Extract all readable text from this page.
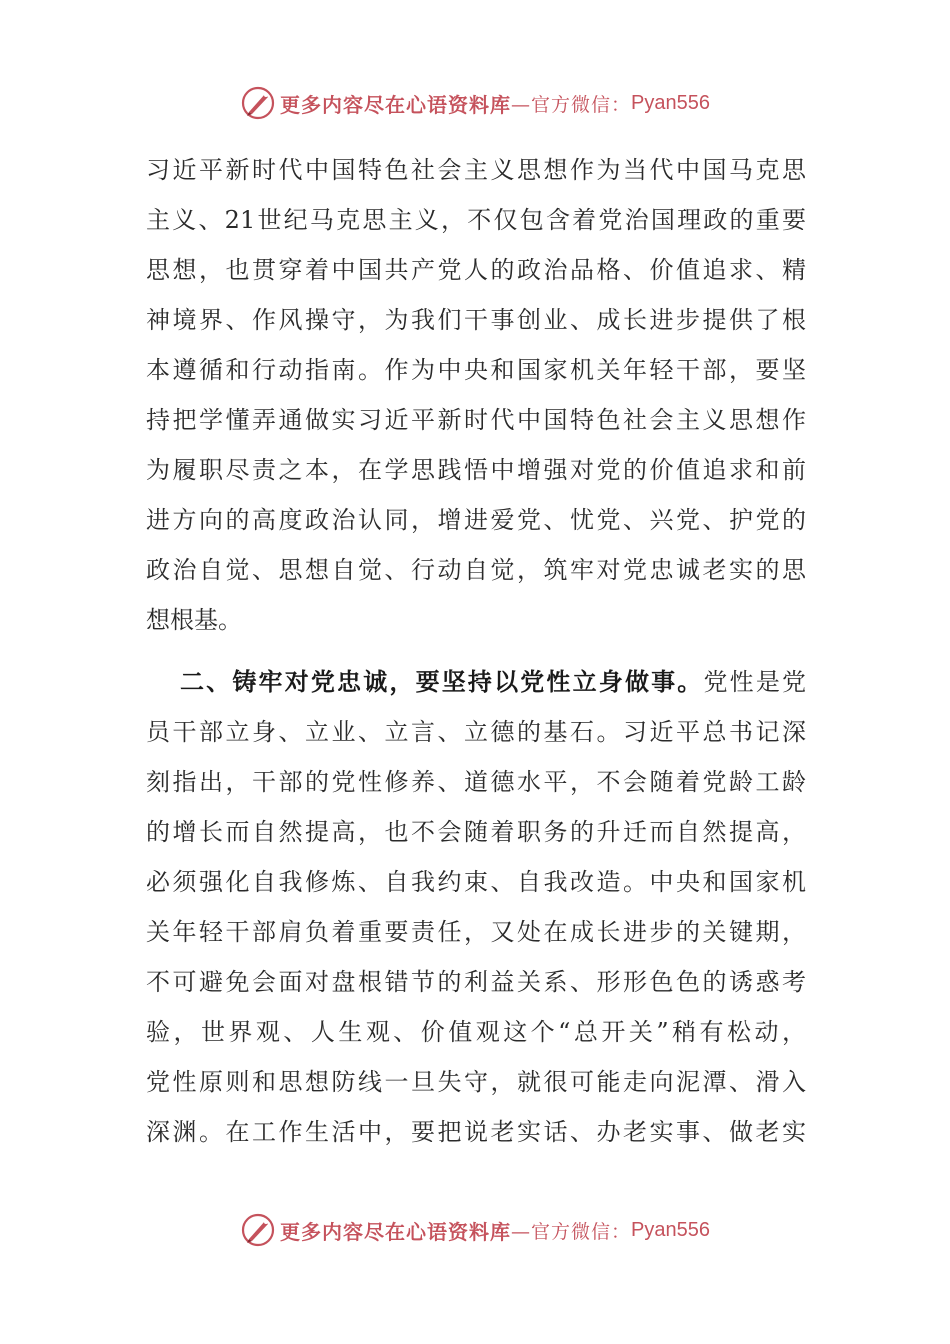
更多内容尽在心语资料库 —官方微信： Pyan556
习近平新时代中国特色社会主义思想作为当代中国马克思
主义、21世纪马克思主义，不仅包含着党治国理政的重要
思想，也贯穿着中国共产党人的政治品格、价值追求、精
神境界、作风操守，为我们干事创业、成长进步提供了根
本遵循和行动指南。作为中央和国家机关年轻干部，要坚
持把学懂弄通做实习近平新时代中国特色社会主义思想作
为履职尽责之本，在学思践悟中增强对党的价值追求和前
进方向的高度政治认同，增进爱党、忧党、兴党、护党的
政治自觉、思想自觉、行动自觉，筑牢对党忠诚老实的思
想根基。
二、铸牢对党忠诚，要坚持以党性立身做事。党性是党
员干部立身、立业、立言、立德的基石。习近平总书记深
刻指出，干部的党性修养、道德水平，不会随着党龄工龄
的增长而自然提高，也不会随着职务的升迁而自然提高，
必须强化自我修炼、自我约束、自我改造。中央和国家机
关年轻干部肩负着重要责任，又处在成长进步的关键期，
不可避免会面对盘根错节的利益关系、形形色色的诱惑考
验，世界观、人生观、价值观这个“总开关”稍有松动，
党性原则和思想防线一旦失守，就很可能走向泥潭、滑入
深渊。在工作生活中，要把说老实话、办老实事、做老实
更多内容尽在心语资料库 —官方微信： Pyan556
